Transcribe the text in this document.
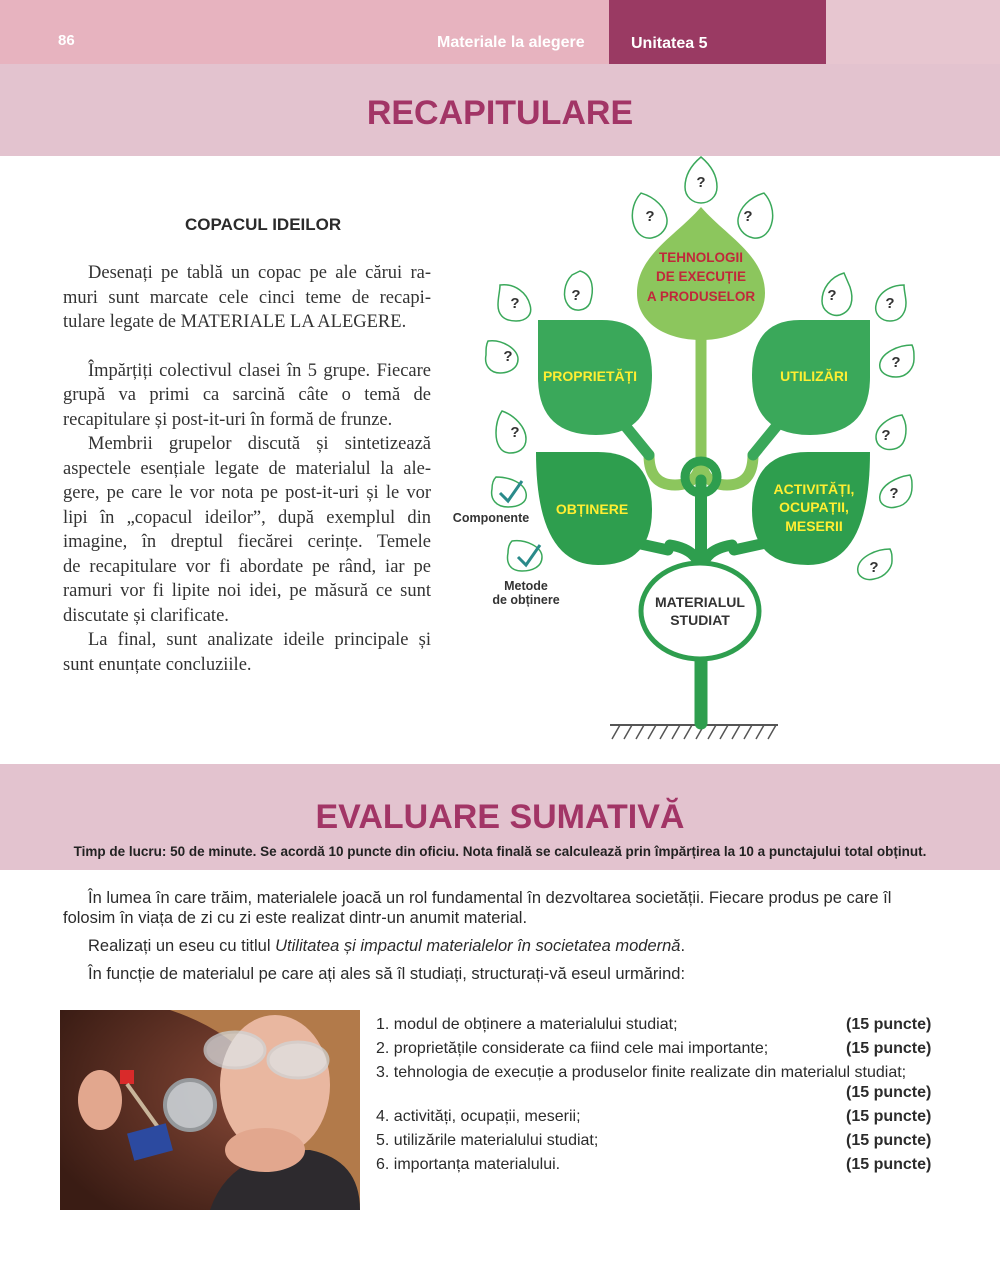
86	Materiale la alegere	Unitatea 5
RECAPITULARE
COPACUL IDEILOR

Desenați pe tablă un copac pe ale cărui ra-
muri sunt marcate cele cinci teme de recapi-
tulare legate de MATERIALE LA ALEGERE.

Împărțiți colectivul clasei în 5 grupe. Fiecare
grupă va primi ca sarcină câte o temă de
recapitulare și post-it-uri în formă de frunze.

Membrii grupelor discută și sintetizează
aspectele esențiale legate de materialul la ale-
gere, pe care le vor nota pe post-it-uri și le vor
lipi în „copacul ideilor”, după exemplul din
imagine, în dreptul fiecărei cerințe. Temele
de recapitulare vor fi abordate pe rând, iar pe
ramuri vor fi lipite noi idei, pe măsură ce sunt
discutate și clarificate.

La final, sunt analizate ideile principale și
sunt enunțate concluziile.

TEHNOLOGII
DE EXECUȚIE
A PRODUSELOR
PROPRIETĂȚI	UTILIZĂRI
OBȚINERE
ACTIVITĂȚI,
OCUPAȚII,
MESERII
MATERIALUL
STUDIAT
?
?	?
?	?	?	?
?	?
?	?
?
?
Componente
Metode
de obținere
EVALUARE SUMATIVĂ
Timp de lucru: 50 de minute. Se acordă 10 puncte din oficiu. Nota finală se calculează prin împărțirea la 10 a punctajului total obținut.
În lumea în care trăim, materialele joacă un rol fundamental în dezvoltarea societății. Fiecare produs pe care îl folosim în viața de zi cu zi este realizat dintr-un anumit material.
Realizați un eseu cu titlul Utilitatea și impactul materialelor în societatea modernă.
În funcție de materialul pe care ați ales să îl studiați, structurați-vă eseul urmărind:
1. modul de obținere a materialului studiat;	(15 puncte)
2. proprietățile considerate ca fiind cele mai importante;	(15 puncte)
3. tehnologia de execuție a produselor finite realizate din materialul studiat;
(15 puncte)
4. activități, ocupații, meserii;	(15 puncte)
5. utilizările materialului studiat;	(15 puncte)
6. importanța materialului.	(15 puncte)
